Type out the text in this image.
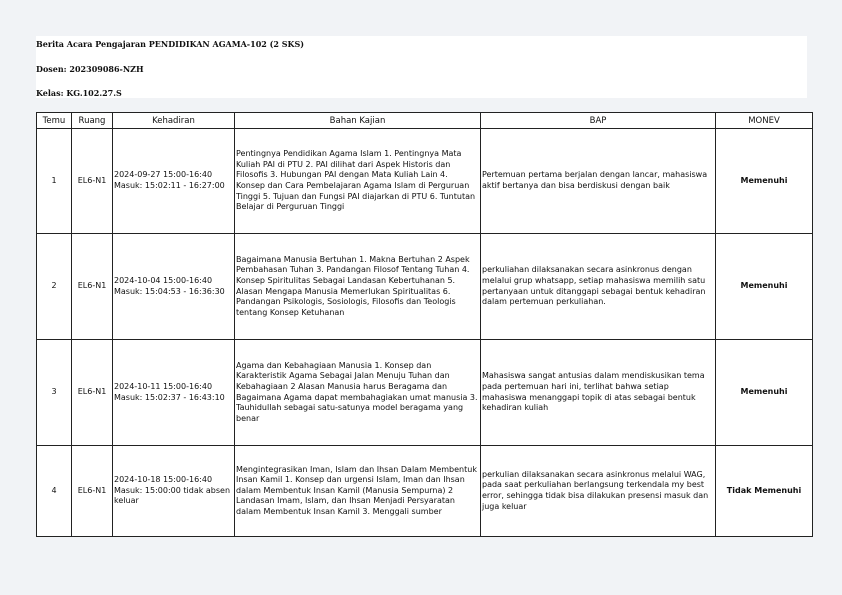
Berita Acara Pengajaran PENDIDIKAN AGAMA-102 (2 SKS)
Dosen: 202309086-NZH
Kelas: KG.102.27.S
Temu	Ruang	Kehadiran	Bahan Kajian	BAP	MONEV
1	EL6-N1	2024-09-27 15:00-16:40 Masuk: 15:02:11 - 16:27:00	Pentingnya Pendidikan Agama Islam 1. Pentingnya Mata Kuliah PAI di PTU 2. PAI dilihat dari Aspek Historis dan Filosofis 3. Hubungan PAI dengan Mata Kuliah Lain 4. Konsep dan Cara Pembelajaran Agama Islam di Perguruan Tinggi 5. Tujuan dan Fungsi PAI diajarkan di PTU 6. Tuntutan Belajar di Perguruan Tinggi	Pertemuan pertama berjalan dengan lancar, mahasiswa aktif bertanya dan bisa berdiskusi dengan baik	Memenuhi
2	EL6-N1	2024-10-04 15:00-16:40 Masuk: 15:04:53 - 16:36:30	Bagaimana Manusia Bertuhan 1. Makna Bertuhan 2 Aspek Pembahasan Tuhan 3. Pandangan Filosof Tentang Tuhan 4. Konsep Spiritulitas Sebagai Landasan Kebertuhanan 5. Alasan Mengapa Manusia Memerlukan Spiritualitas 6. Pandangan Psikologis, Sosiologis, Filosofis dan Teologis tentang Konsep Ketuhanan	perkuliahan dilaksanakan secara asinkronus dengan melalui grup whatsapp, setiap mahasiswa memilih satu pertanyaan untuk ditanggapi sebagai bentuk kehadiran dalam pertemuan perkuliahan.	Memenuhi
3	EL6-N1	2024-10-11 15:00-16:40 Masuk: 15:02:37 - 16:43:10	Agama dan Kebahagiaan Manusia 1. Konsep dan Karakteristik Agama Sebagai Jalan Menuju Tuhan dan Kebahagiaan 2 Alasan Manusia harus Beragama dan Bagaimana Agama dapat membahagiakan umat manusia 3. Tauhidullah sebagai satu-satunya model beragama yang benar	Mahasiswa sangat antusias dalam mendiskusikan tema pada pertemuan hari ini, terlihat bahwa setiap mahasiswa menanggapi topik di atas sebagai bentuk kehadiran kuliah	Memenuhi
4	EL6-N1	2024-10-18 15:00-16:40 Masuk: 15:00:00 tidak absen keluar	Mengintegrasikan Iman, Islam dan Ihsan Dalam Membentuk Insan Kamil 1. Konsep dan urgensi Islam, Iman dan Ihsan dalam Membentuk Insan Kamil (Manusia Sempurna) 2 Landasan Imam, Islam, dan Ihsan Menjadi Persyaratan dalam Membentuk Insan Kamil 3. Menggali sumber	perkulian dilaksanakan secara asinkronus melalui WAG, pada saat perkuliahan berlangsung terkendala my best error, sehingga tidak bisa dilakukan presensi masuk dan juga keluar	Tidak Memenuhi
